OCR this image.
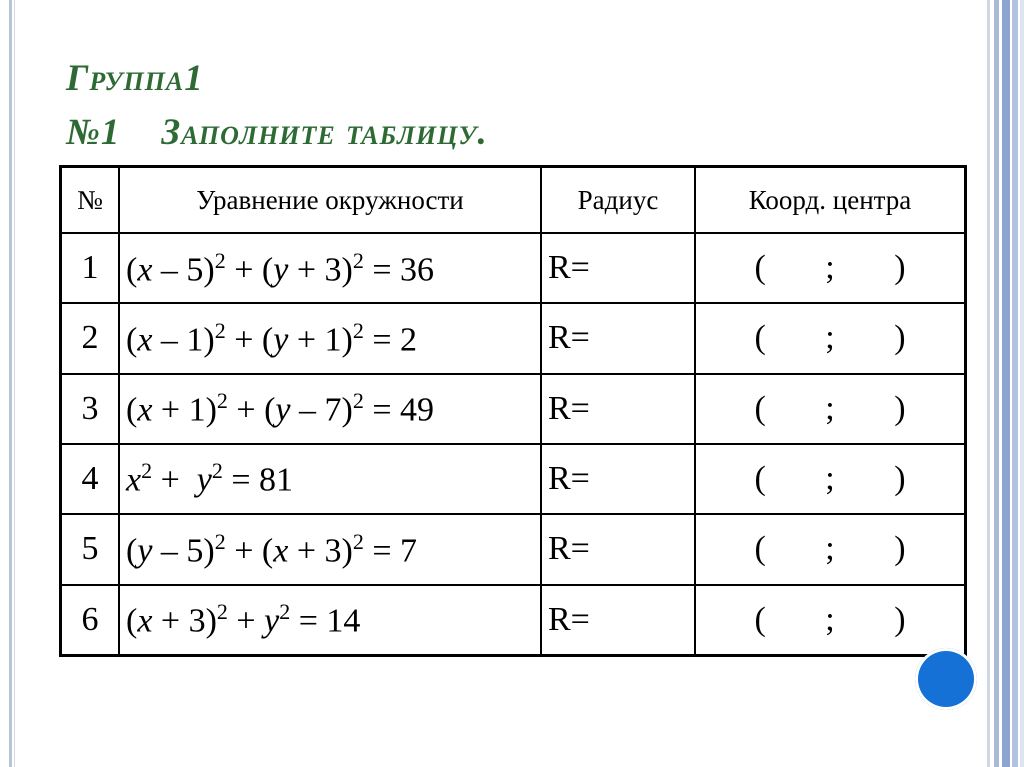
Группа1
№1    Заполните таблицу.
№	Уравнение окружности	Радиус	Коорд. центра
1	$(x - 5)^2 + (y + 3)^2 = 36$	R=	(       ;       )
2	$(x - 1)^2 + (y + 1)^2 = 2$	R=	(       ;       )
3	$(x + 1)^2 + (y - 7)^2 = 49$	R=	(       ;       )
4	$x^2 + y^2 = 81$	R=	(       ;       )
5	$(y - 5)^2 + (x + 3)^2 = 7$	R=	(       ;       )
6	$(x + 3)^2 + y^2 = 14$	R=	(       ;       )
